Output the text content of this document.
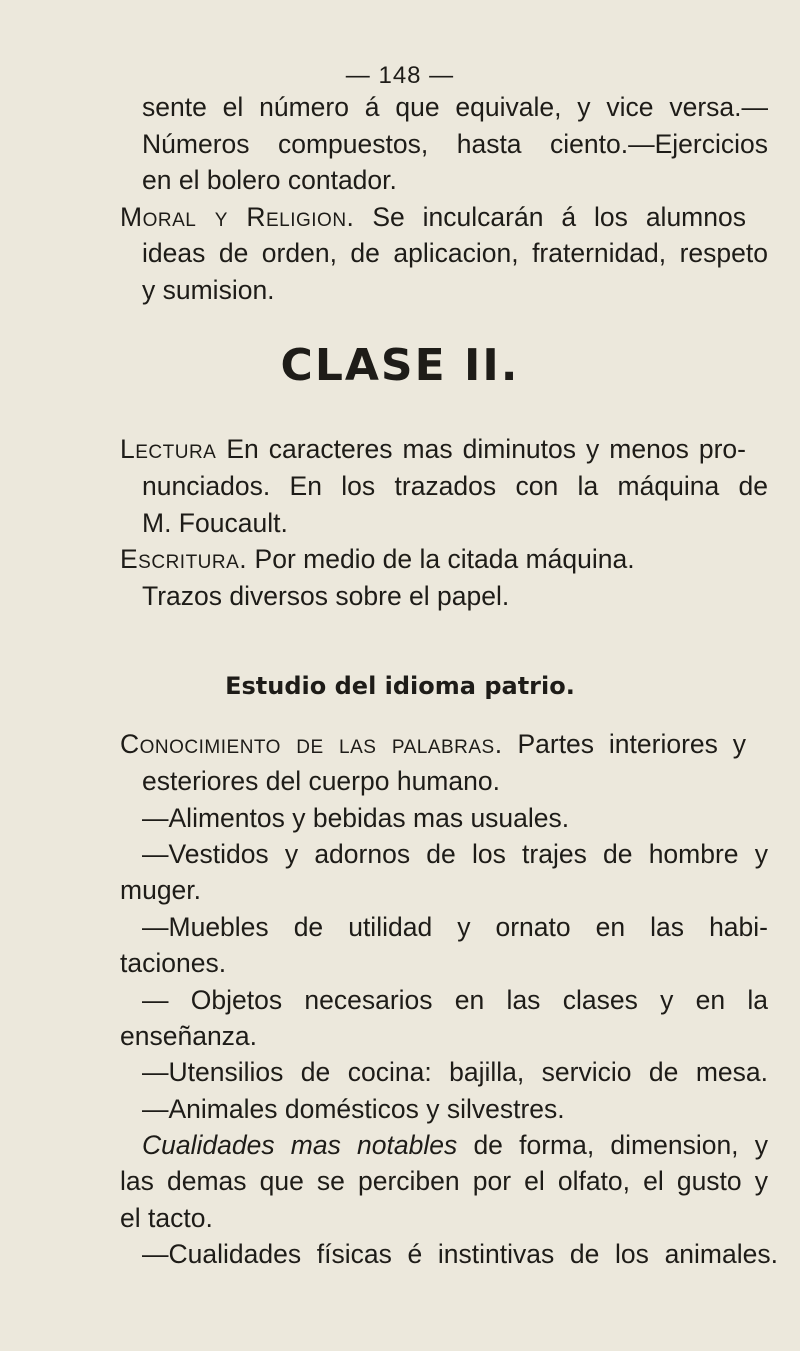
— 148 —
sente el número á que equivale, y vice versa.—
Números compuestos, hasta ciento.—Ejercicios
en el bolero contador.
Moral y Religion. Se inculcarán á los alumnos
ideas de orden, de aplicacion, fraternidad, respeto
y sumision.
CLASE II.
Lectura En caracteres mas diminutos y menos pro-
nunciados. En los trazados con la máquina de
M. Foucault.
Escritura. Por medio de la citada máquina.
Trazos diversos sobre el papel.
Estudio del idioma patrio.
Conocimiento de las palabras. Partes interiores y
esteriores del cuerpo humano.
—Alimentos y bebidas mas usuales.
—Vestidos y adornos de los trajes de hombre y
muger.
—Muebles de utilidad y ornato en las habi-
taciones.
— Objetos necesarios en las clases y en la
enseñanza.
—Utensilios de cocina: bajilla, servicio de mesa.
—Animales domésticos y silvestres.
Cualidades mas notables de forma, dimension, y
las demas que se perciben por el olfato, el gusto y
el tacto.
—Cualidades físicas é instintivas de los animales.
